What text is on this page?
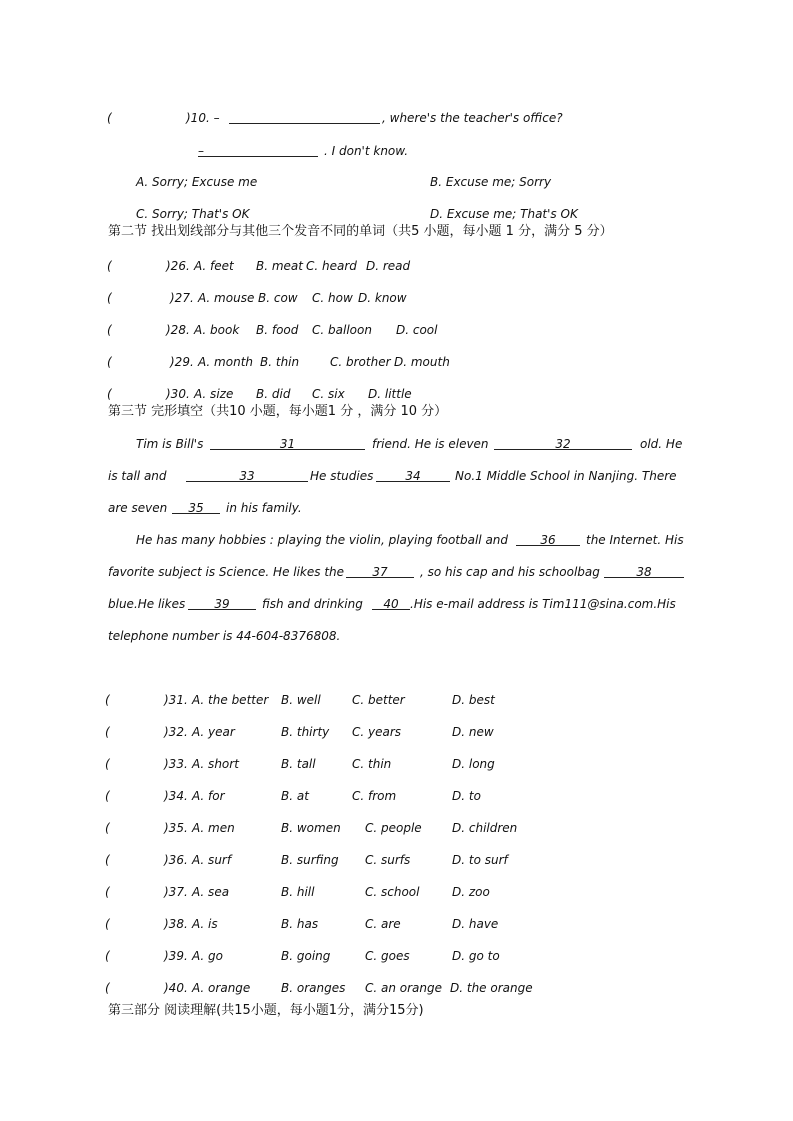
(	)10. –	, where's the teacher's office?
–	. I don't know.
A. Sorry; Excuse me	B. Excuse me; Sorry
C. Sorry; That's OK	D. Excuse me; That's OK
第二节 找出划线部分与其他三个发音不同的单词（共5 小题，每小题 1 分，满分 5 分）
(	)26. A. feet B. meat C. heard D. read
(	)27. A. mouse B. cow C. how D. know
(	)28. A. book B. food C. balloon D. cool
(	)29. A. month B. thin	C. brother D. mouth
(	)30. A. size B. did C. six D. little
第三节 完形填空（共10 小题，每小题1 分 ，满分 10 分）
Tim is Bill's	31	friend. He is eleven	32	old. He
is tall and	33	He studies	34	No.1 Middle School in Nanjing. There
are seven	35	in his family.
He has many hobbies : playing the violin, playing football and	36	the Internet. His
favorite subject is Science. He likes the	37	, so his cap and his schoolbag	38
blue.He likes	39	fish and drinking	40 .His e-mail address is Tim111@sina.com.His
telephone number is 44-604-8376808.
(	)31. A. the better B. well	C. better	D. best
(	)32. A. year	B. thirty C. years	D. new
(	)33. A. short	B. tall	C. thin	D. long
(	)34. A. for	B. at	C. from	D. to
(	)35. A. men	B. women C. people	D. children
(	)36. A. surf	B. surfing C. surfs	D. to surf
(	)37. A. sea	B. hill	C. school	D. zoo
(	)38. A. is	B. has	C. are	D. have
(	)39. A. go	B. going	C. goes	D. go to
(	)40. A. orange	B. oranges C. an orange D. the orange
第三部分 阅读理解(共15小题，每小题1分，满分15分)
